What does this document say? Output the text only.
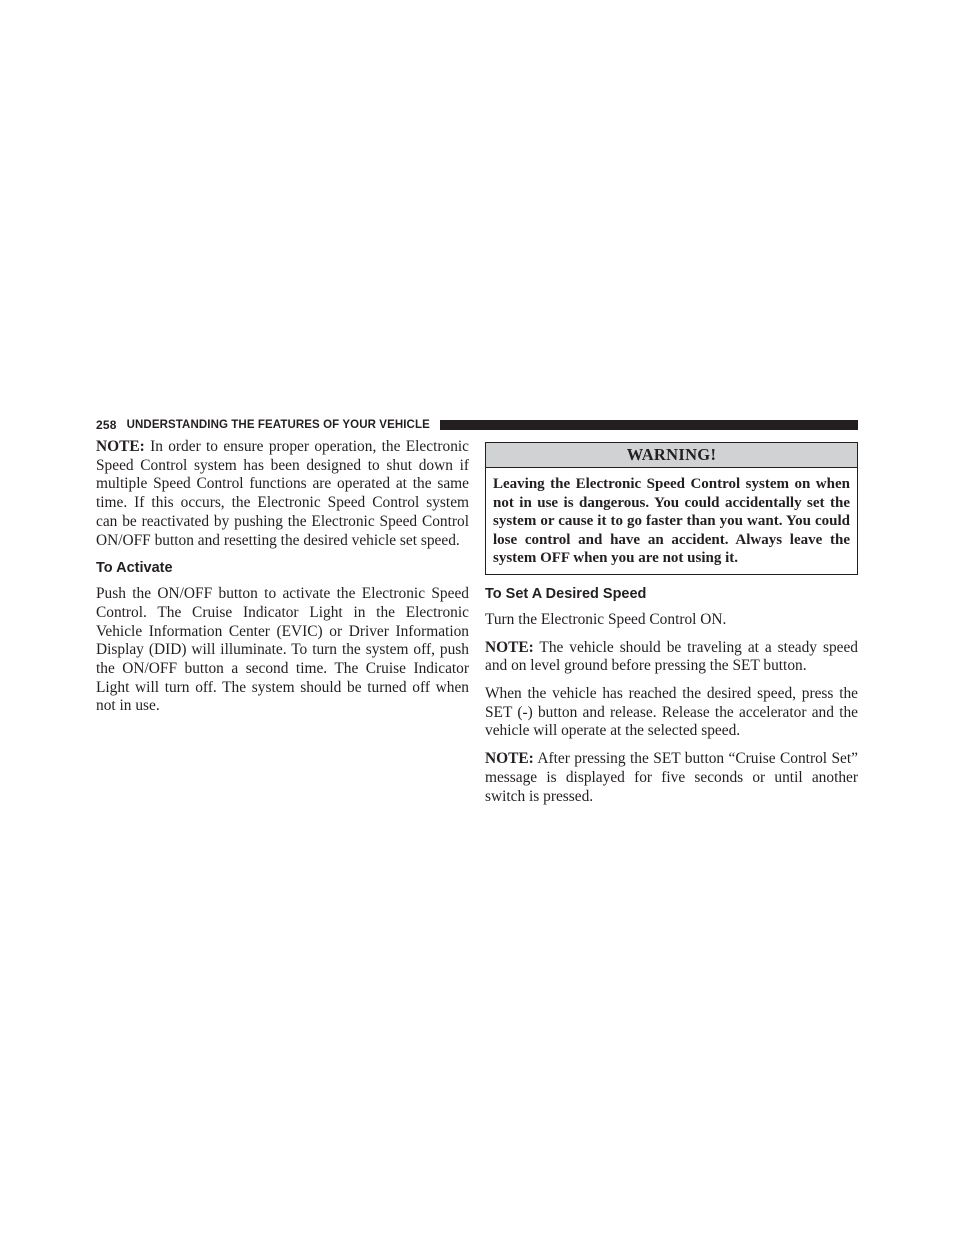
258 UNDERSTANDING THE FEATURES OF YOUR VEHICLE

NOTE: In order to ensure proper operation, the Electronic Speed Control system has been designed to shut down if multiple Speed Control functions are operated at the same time. If this occurs, the Electronic Speed Control system can be reactivated by pushing the Electronic Speed Control ON/OFF button and resetting the desired vehicle set speed.

To Activate

Push the ON/OFF button to activate the Electronic Speed Control. The Cruise Indicator Light in the Electronic Vehicle Information Center (EVIC) or Driver Information Display (DID) will illuminate. To turn the system off, push the ON/OFF button a second time. The Cruise Indicator Light will turn off. The system should be turned off when not in use.

WARNING!
Leaving the Electronic Speed Control system on when not in use is dangerous. You could accidentally set the system or cause it to go faster than you want. You could lose control and have an accident. Always leave the system OFF when you are not using it.
To Set A Desired Speed

Turn the Electronic Speed Control ON.

NOTE: The vehicle should be traveling at a steady speed and on level ground before pressing the SET button.

When the vehicle has reached the desired speed, press the SET (-) button and release. Release the accelerator and the vehicle will operate at the selected speed.

NOTE: After pressing the SET button “Cruise Control Set” message is displayed for five seconds or until another switch is pressed.
